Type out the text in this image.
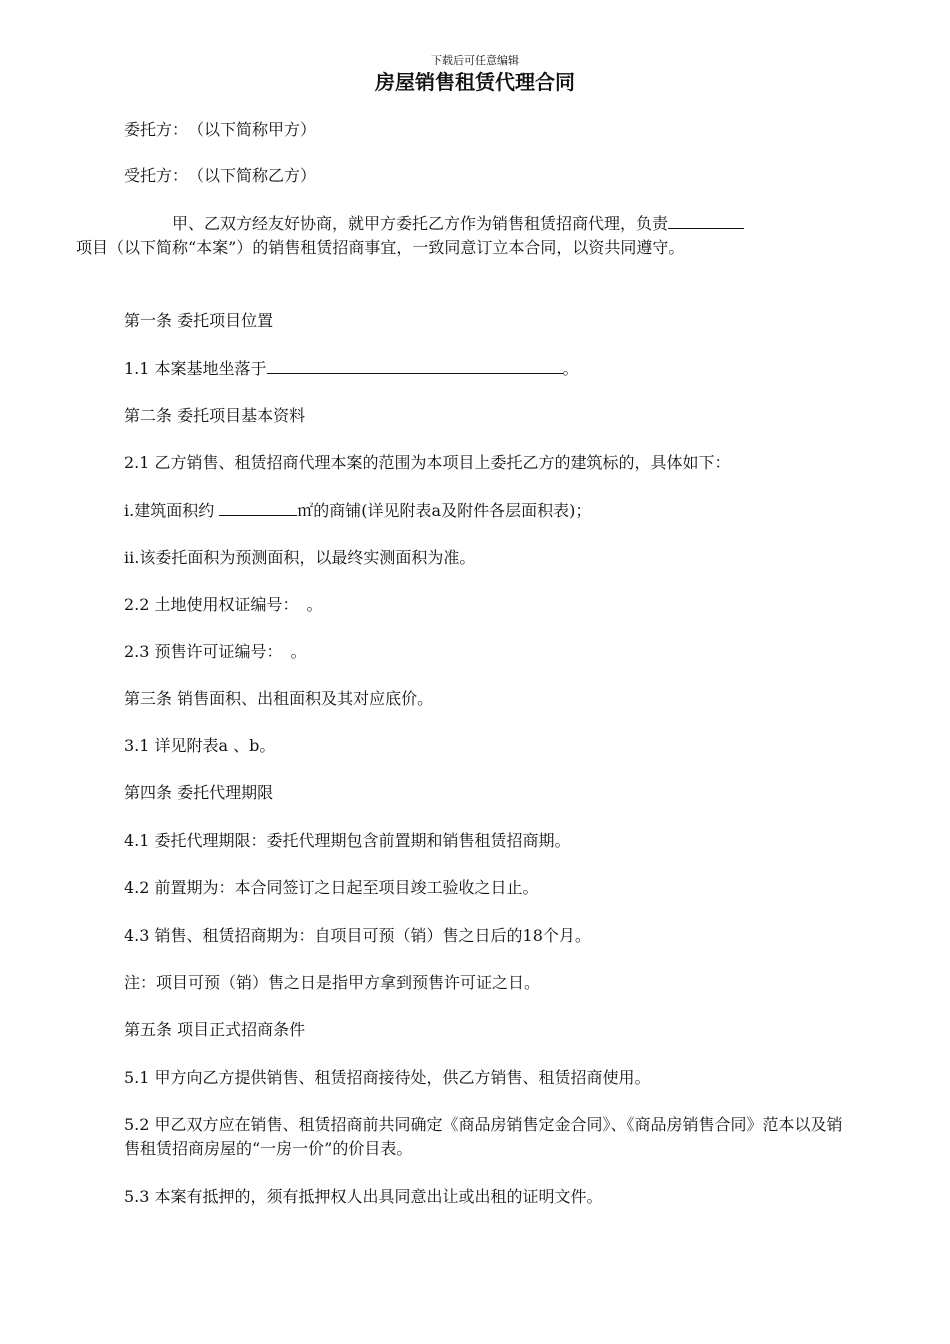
下载后可任意编辑
房屋销售租赁代理合同

委托方：　（以下简称甲方）

受托方：　（以下简称乙方）

甲、乙双方经友好协商，就甲方委托乙方作为销售租赁招商代理，负责
项目（以下简称“本案”）的销售租赁招商事宜，一致同意订立本合同，以资共同遵守。

第一条 委托项目位置

1.1 本案基地坐落于	。

第二条 委托项目基本资料

2.1 乙方销售、租赁招商代理本案的范围为本项目上委托乙方的建筑标的，具体如下：

i.建筑面积约	㎡的商铺(详见附表a及附件各层面积表)；

ii.该委托面积为预测面积，以最终实测面积为准。

2.2 土地使用权证编号：　。

2.3 预售许可证编号：　。

第三条 销售面积、出租面积及其对应底价。

3.1 详见附表a 、b。

第四条 委托代理期限

4.1 委托代理期限：委托代理期包含前置期和销售租赁招商期。

4.2 前置期为：本合同签订之日起至项目竣工验收之日止。

4.3 销售、租赁招商期为：自项目可预（销）售之日后的18个月。

注：项目可预（销）售之日是指甲方拿到预售许可证之日。

第五条 项目正式招商条件

5.1 甲方向乙方提供销售、租赁招商接待处，供乙方销售、租赁招商使用。

5.2 甲乙双方应在销售、租赁招商前共同确定《商品房销售定金合同》、《商品房销售合同》范本以及销售租赁招商房屋的“一房一价”的价目表。

5.3 本案有抵押的，须有抵押权人出具同意出让或出租的证明文件。
